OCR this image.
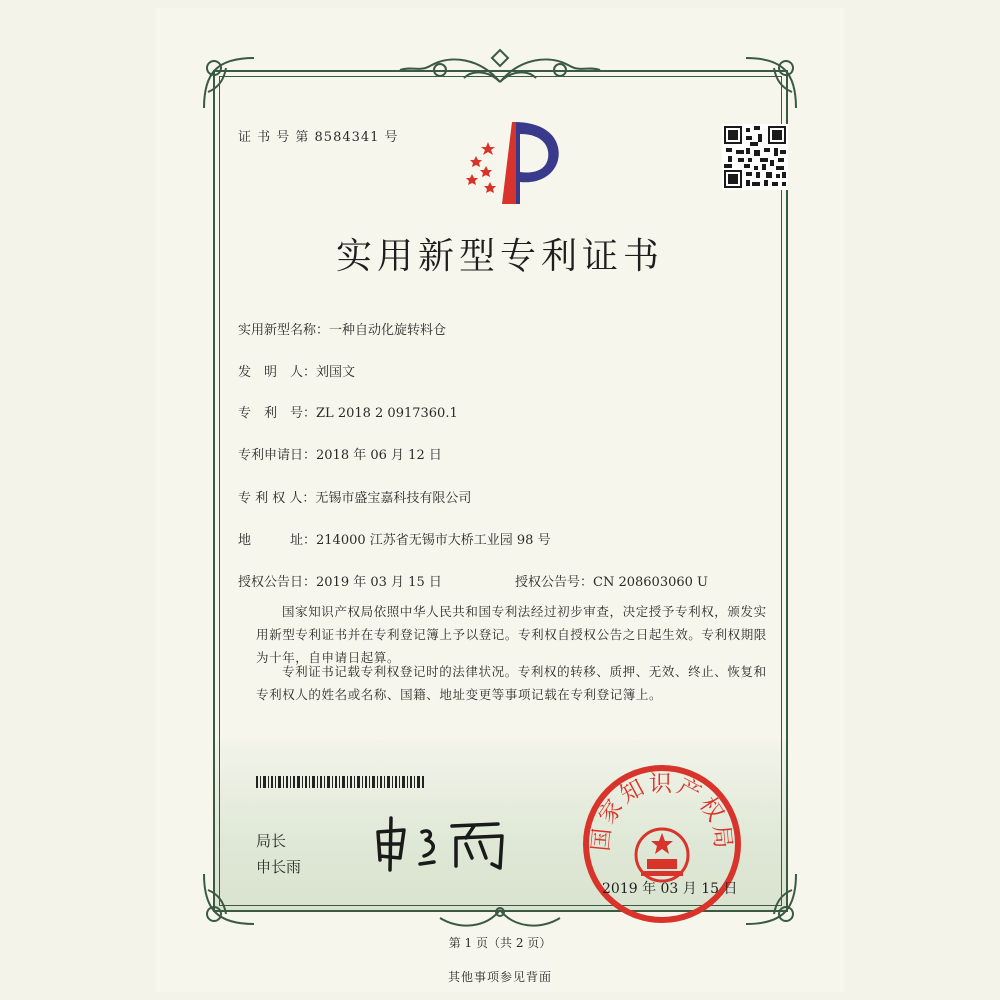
证 书 号 第 8584341 号
实用新型专利证书
实用新型名称：一种自动化旋转料仓
发　明　人：刘国文
专　利　号：ZL 2018 2 0917360.1
专利申请日：2018 年 06 月 12 日
专 利 权 人：无锡市盛宝嘉科技有限公司
地　　　址：214000 江苏省无锡市大桥工业园 98 号
授权公告日：2019 年 03 月 15 日	授权公告号：CN 208603060 U
国家知识产权局依照中华人民共和国专利法经过初步审查，决定授予专利权，颁发实用新型专利证书并在专利登记簿上予以登记。专利权自授权公告之日起生效。专利权期限为十年，自申请日起算。
专利证书记载专利权登记时的法律状况。专利权的转移、质押、无效、终止、恢复和专利权人的姓名或名称、国籍、地址变更等事项记载在专利登记簿上。
局长
申长雨
国家知识产权局
2019 年 03 月 15 日
第 1 页（共 2 页）
其他事项参见背面
